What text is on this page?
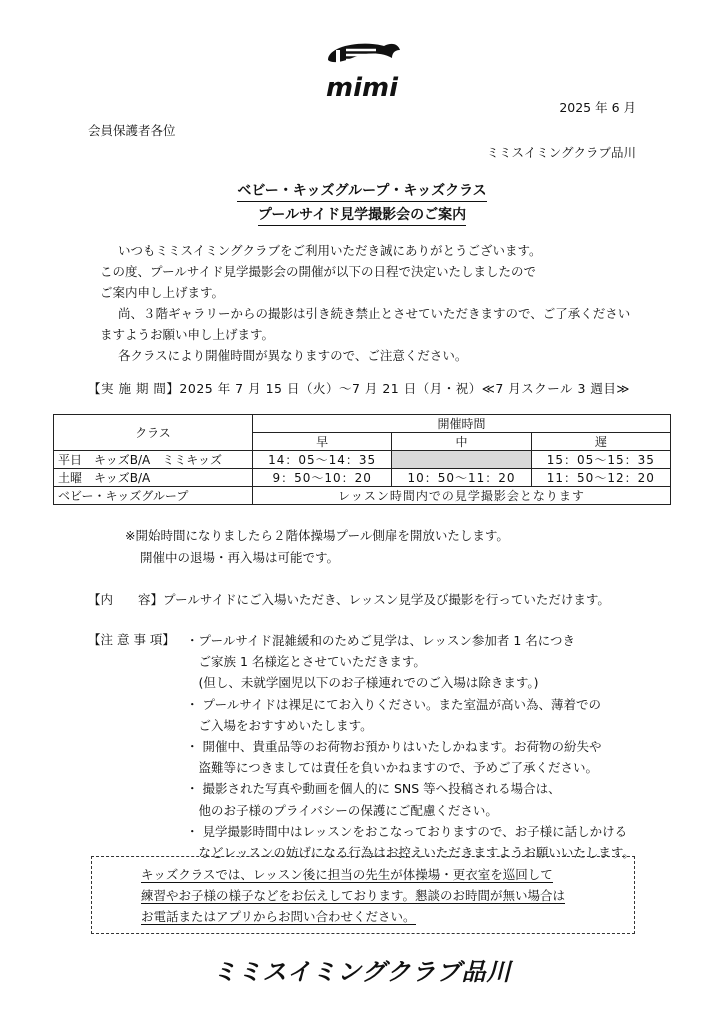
mimi
2025 年 6 月
会員保護者各位
ミミスイミングクラブ品川
ベビー・キッズグループ・キッズクラス
プールサイド見学撮影会のご案内
いつもミミスイミングクラブをご利用いただき誠にありがとうございます。
この度、プールサイド見学撮影会の開催が以下の日程で決定いたしましたので
ご案内申し上げます。
尚、３階ギャラリーからの撮影は引き続き禁止とさせていただきますので、ご了承ください
ますようお願い申し上げます。
各クラスにより開催時間が異なりますので、ご注意ください。
【実 施 期 間】2025 年 7 月 15 日（火）～7 月 21 日（月・祝）≪7 月スクール 3 週目≫
クラス	開催時間		
	早	中	遅
平日　キッズB/A　ミミキッズ	14：05～14：35		15：05～15：35
土曜　キッズB/A	9：50～10：20	10：50～11：20	11：50～12：20
ベビー・キッズグループ	レッスン時間内での見学撮影会となります		
※開始時間になりましたら２階体操場プール側扉を開放いたします。
開催中の退場・再入場は可能です。
【内　　容】プールサイドにご入場いただき、レッスン見学及び撮影を行っていただけます。
【注 意 事 項】 ・プールサイド混雑緩和のためご見学は、レッスン参加者 1 名につき
　ご家族 1 名様迄とさせていただきます。
　(但し、未就学園児以下のお子様連れでのご入場は除きます。)
・ プールサイドは裸足にてお入りください。また室温が高い為、薄着での
　ご入場をおすすめいたします。
・ 開催中、貴重品等のお荷物お預かりはいたしかねます。お荷物の紛失や
　盗難等につきましては責任を負いかねますので、予めご了承ください。
・ 撮影された写真や動画を個人的に SNS 等へ投稿される場合は、
　他のお子様のプライバシーの保護にご配慮ください。
・ 見学撮影時間中はレッスンをおこなっておりますので、お子様に話しかける
　などレッスンの妨げになる行為はお控えいただきますようお願いいたします。
キッズクラスでは、レッスン後に担当の先生が体操場・更衣室を巡回して
練習やお子様の様子などをお伝えしております。懇談のお時間が無い場合は
お電話またはアプリからお問い合わせください。
ミミスイミングクラブ品川
